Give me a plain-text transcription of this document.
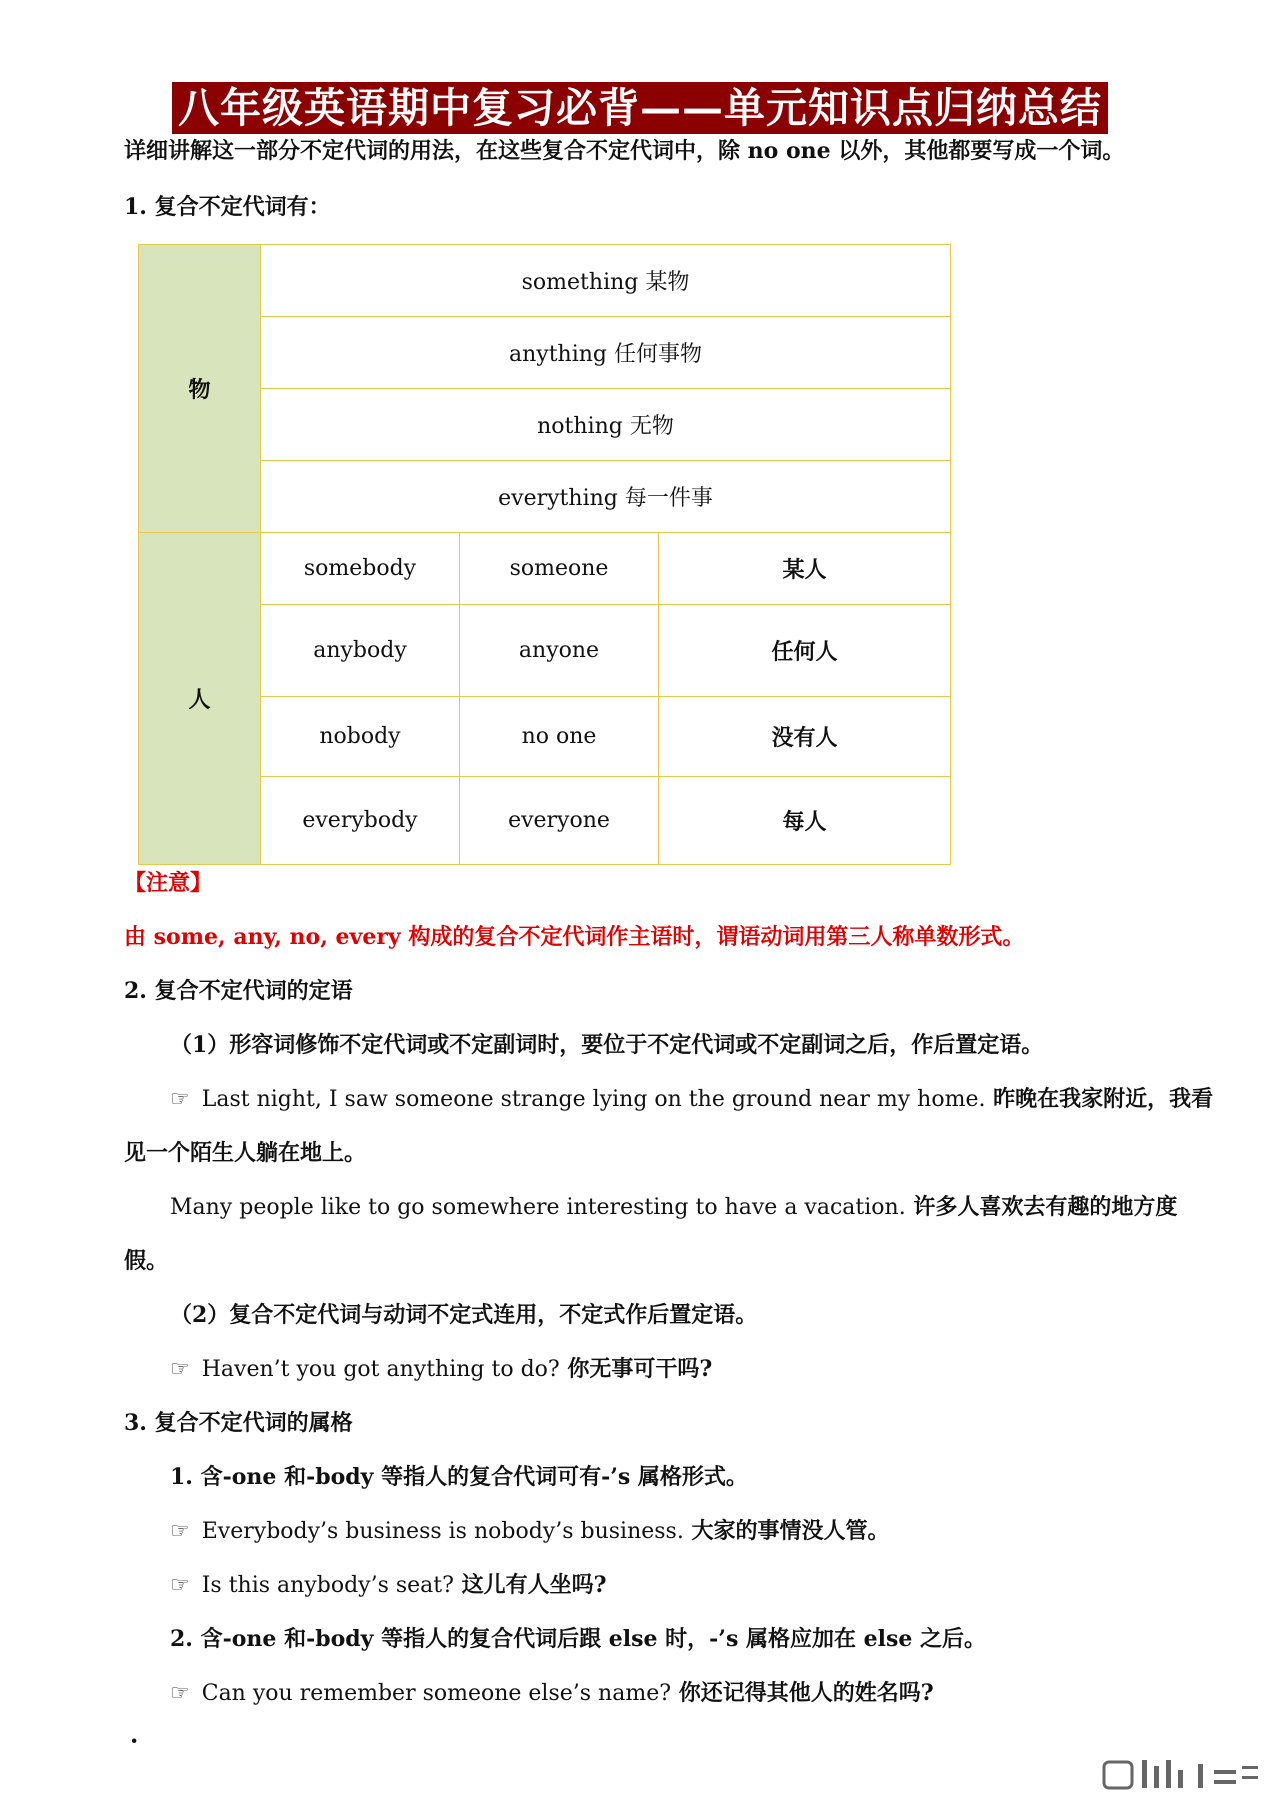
八年级英语期中复习必背——单元知识点归纳总结
详细讲解这一部分不定代词的用法，在这些复合不定代词中，除 no one 以外，其他都要写成一个词。
1. 复合不定代词有：
物	something 某物		
	anything 任何事物		
	nothing 无物		
	everything 每一件事		
人	somebody	someone	某人
	anybody	anyone	任何人
	nobody	no one	没有人
	everybody	everyone	每人
【注意】
由 some, any, no, every 构成的复合不定代词作主语时，谓语动词用第三人称单数形式。
2. 复合不定代词的定语
（1）形容词修饰不定代词或不定副词时，要位于不定代词或不定副词之后，作后置定语。
☞ Last night, I saw someone strange lying on the ground near my home. 昨晚在我家附近，我看
见一个陌生人躺在地上。
Many people like to go somewhere interesting to have a vacation. 许多人喜欢去有趣的地方度
假。
（2）复合不定代词与动词不定式连用，不定式作后置定语。
☞ Haven’t you got anything to do? 你无事可干吗?
3. 复合不定代词的属格
1. 含-one 和-body 等指人的复合代词可有-’s 属格形式。
☞ Everybody’s business is nobody’s business. 大家的事情没人管。
☞ Is this anybody’s seat? 这儿有人坐吗?
2. 含-one 和-body 等指人的复合代词后跟 else 时，-’s 属格应加在 else 之后。
☞ Can you remember someone else’s name? 你还记得其他人的姓名吗?
·
